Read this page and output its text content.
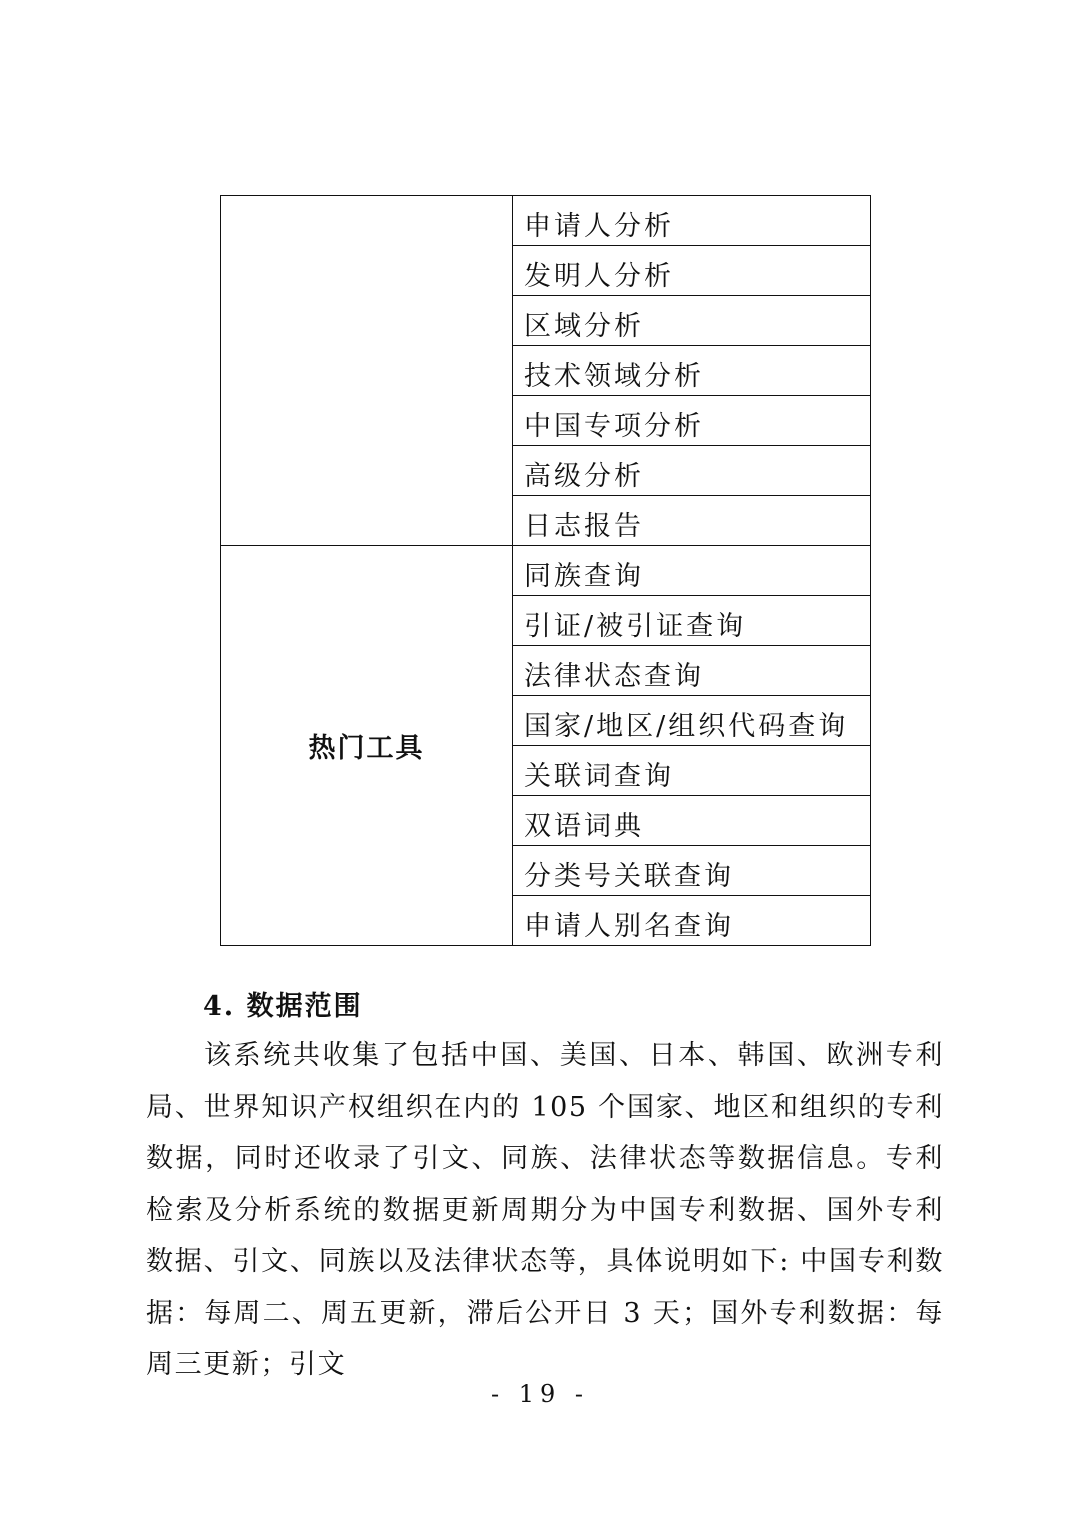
	申请人分析
	发明人分析
	区域分析
	技术领域分析
	中国专项分析
	高级分析
	日志报告
热门工具	同族查询
	引证/被引证查询
	法律状态查询
	国家/地区/组织代码查询
	关联词查询
	双语词典
	分类号关联查询
	申请人别名查询
4. 数据范围

该系统共收集了包括中国、美国、日本、韩国、欧洲专利局、世界知识产权组织在内的 105 个国家、地区和组织的专利数据，同时还收录了引文、同族、法律状态等数据信息。专利检索及分析系统的数据更新周期分为中国专利数据、国外专利数据、引文、同族以及法律状态等，具体说明如下: 中国专利数据：每周二、周五更新，滞后公开日 3 天；国外专利数据：每周三更新；引文

- 19 -
